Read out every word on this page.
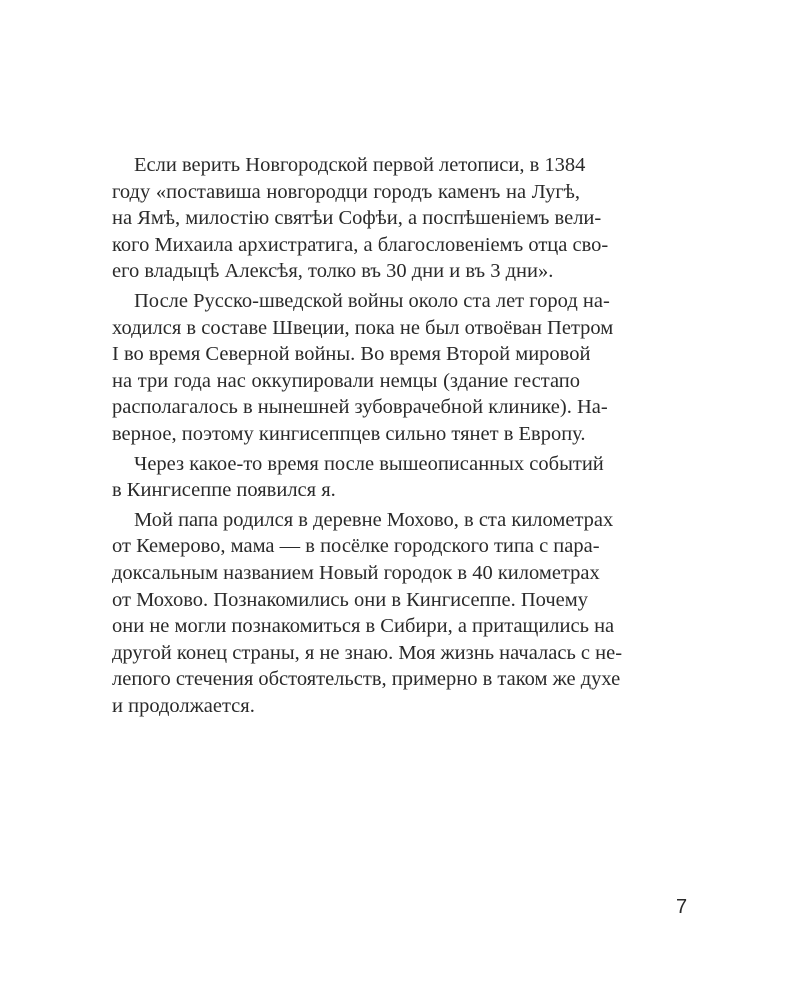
Если верить Новгородской первой летописи, в 1384
году «поставиша новгородци городъ каменъ на Лугѣ,
на Ямѣ, милостію святѣи Софѣи, а поспѣшеніемъ вели-
кого Михаила архистратига, а благословеніемъ отца сво-
его владыцѣ Алексѣя, толко въ 30 дни и въ 3 дни».
После Русско-шведской войны около ста лет город на-
ходился в составе Швеции, пока не был отвоёван Петром
I во время Северной войны. Во время Второй мировой
на три года нас оккупировали немцы (здание гестапо
располагалось в нынешней зубоврачебной клинике). На-
верное, поэтому кингисеппцев сильно тянет в Европу.
Через какое-то время после вышеописанных событий
в Кингисеппе появился я.
Мой папа родился в деревне Мохово, в ста километрах
от Кемерово, мама — в посёлке городского типа с пара-
доксальным названием Новый городок в 40 километрах
от Мохово. Познакомились они в Кингисеппе. Почему
они не могли познакомиться в Сибири, а притащились на
другой конец страны, я не знаю. Моя жизнь началась с не-
лепого стечения обстоятельств, примерно в таком же духе
и продолжается.
7
